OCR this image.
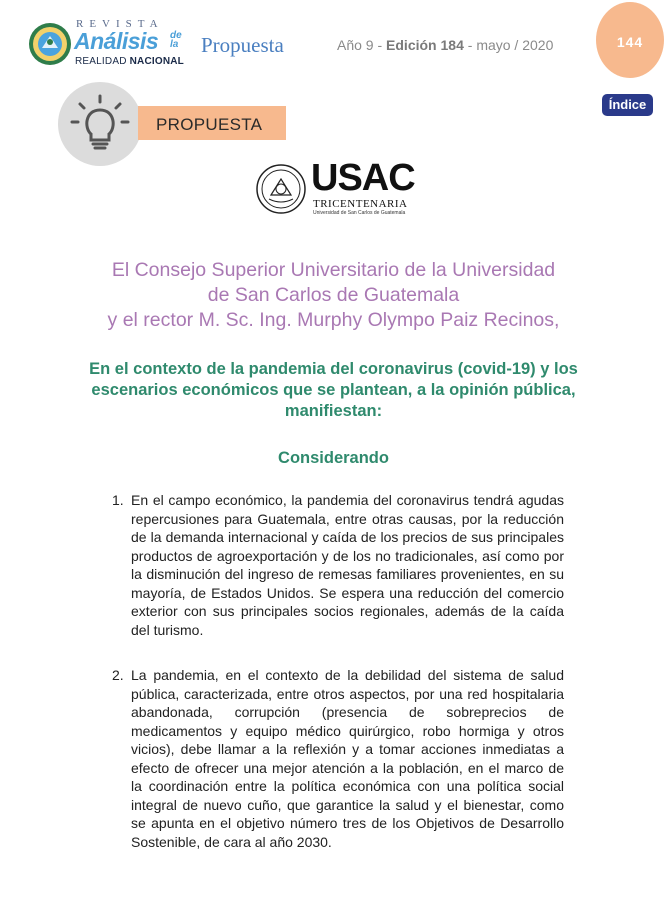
REVISTA
Análisis de la
REALIDAD NACIONAL
Propuesta	Año 9 - Edición 184 - mayo / 2020	144
Índice
PROPUESTA
USAC
TRICENTENARIA
Universidad de San Carlos de Guatemala
El Consejo Superior Universitario de la Universidad
de San Carlos de Guatemala
y el rector M. Sc. Ing. Murphy Olympo Paiz Recinos,
En el contexto de la pandemia del coronavirus (covid-19) y los
escenarios económicos que se plantean, a la opinión pública,
manifiestan:
Considerando
1. En el campo económico, la pandemia del coronavirus tendrá agudas repercusiones para Guatemala, entre otras causas, por la reducción de la demanda internacional y caída de los precios de sus principales productos de agroexportación y de los no tradicionales, así como por la disminución del ingreso de remesas familiares provenientes, en su mayoría, de Estados Unidos. Se espera una reducción del comercio exterior con sus principales socios regionales, además de la caída del turismo.
2. La pandemia, en el contexto de la debilidad del sistema de salud pública, caracterizada, entre otros aspectos, por una red hospitalaria abandonada, corrupción (presencia de sobreprecios de medicamentos y equipo médico quirúrgico, robo hormiga y otros vicios), debe llamar a la reflexión y a tomar acciones inmediatas a efecto de ofrecer una mejor atención a la población, en el marco de la coordinación entre la política económica con una política social integral de nuevo cuño, que garantice la salud y el bienestar, como se apunta en el objetivo número tres de los Objetivos de Desarrollo Sostenible, de cara al año 2030.
